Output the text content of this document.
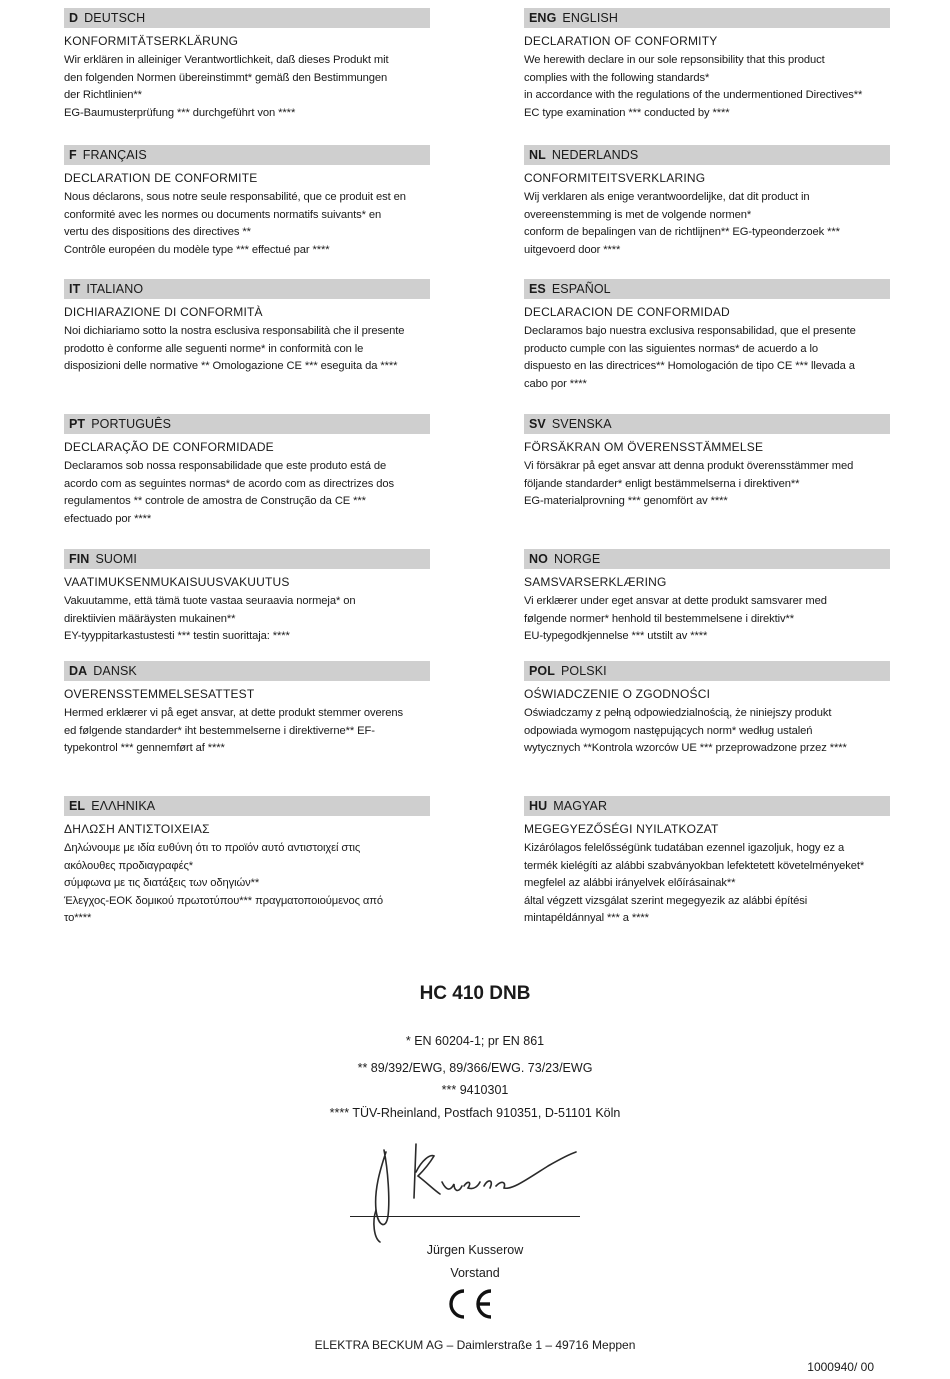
D DEUTSCH
KONFORMITÄTSERKLÄRUNG
Wir erklären in alleiniger Verantwortlichkeit, daß dieses Produkt mit
den folgenden Normen übereinstimmt* gemäß den Bestimmungen
der Richtlinien**
EG-Baumusterprüfung *** durchgeführt von ****
ENG ENGLISH
DECLARATION OF CONFORMITY
We herewith declare in our sole repsonsibility that this product
complies with the following standards*
in accordance with the regulations of the undermentioned Directives**
EC type examination *** conducted by ****
F FRANÇAIS
DECLARATION DE CONFORMITE
Nous déclarons, sous notre seule responsabilité, que ce produit est en
conformité avec les normes ou documents normatifs suivants* en
vertu des dispositions des directives **
Contrôle européen du modèle type *** effectué par ****
NL NEDERLANDS
CONFORMITEITSVERKLARING
Wij verklaren als enige verantwoordelijke, dat dit product in
overeenstemming is met de volgende normen*
conform de bepalingen van de richtlijnen** EG-typeonderzoek ***
uitgevoerd door ****
IT ITALIANO
DICHIARAZIONE DI CONFORMITÀ
Noi dichiariamo sotto la nostra esclusiva responsabilità che il presente
prodotto è conforme alle seguenti norme* in conformità con le
disposizioni delle normative ** Omologazione CE *** eseguita da ****
ES ESPAÑOL
DECLARACION DE CONFORMIDAD
Declaramos bajo nuestra exclusiva responsabilidad, que el presente
producto cumple con las siguientes normas* de acuerdo a lo
dispuesto en las directrices** Homologación de tipo CE *** llevada a
cabo por ****
PT PORTUGUÊS
DECLARAÇÃO DE CONFORMIDADE
Declaramos sob nossa responsabilidade que este produto está de
acordo com as seguintes normas* de acordo com as directrizes dos
regulamentos ** controle de amostra de Construção da CE ***
efectuado por ****
SV SVENSKA
FÖRSÄKRAN OM ÖVERENSSTÄMMELSE
Vi försäkrar på eget ansvar att denna produkt överensstämmer med
följande standarder* enligt bestämmelserna i direktiven**
EG-materialprovning *** genomfört av ****
FIN SUOMI
VAATIMUKSENMUKAISUUSVAKUUTUS
Vakuutamme, että tämä tuote vastaa seuraavia normeja* on
direktiivien määräysten mukainen**
EY-tyyppitarkastustesti *** testin suorittaja: ****
NO NORGE
SAMSVARSERKLÆRING
Vi erklærer under eget ansvar at dette produkt samsvarer med
følgende normer* henhold til bestemmelsene i direktiv**
EU-typegodkjennelse *** utstilt av ****
DA DANSK
OVERENSSTEMMELSESATTEST
Hermed erklærer vi på eget ansvar, at dette produkt stemmer overens
ed følgende standarder* iht bestemmelserne i direktiverne** EF-
typekontrol *** gennemført af ****
POL POLSKI
OŚWIADCZENIE O ZGODNOŚCI
Oświadczamy z pełną odpowiedzialnością, że niniejszy produkt
odpowiada wymogom następujących norm* według ustaleń
wytycznych **Kontrola wzorców UE *** przeprowadzone przez ****
EL ΕΛΛΗΝΙΚΑ
ΔΗΛΩΣΗ ΑΝΤΙΣΤΟΙΧΕΙΑΣ
Δηλώνουμε με ιδία ευθύνη ότι το προϊόν αυτό αντιστοιχεί στις
ακόλουθες προδιαγραφές*
σύμφωνα με τις διατάξεις των οδηγιών**
Έλεγχος-ΕΟΚ δομικού πρωτοτύπου*** πραγματοποιούμενος από
το****
HU MAGYAR
MEGEGYEZŐSÉGI NYILATKOZAT
Kizárólagos felelősségünk tudatában ezennel igazoljuk, hogy ez a
termék kielégíti az alábbi szabványokban lefektetett követelményeket*
megfelel az alábbi irányelvek előírásainak**
által végzett vizsgálat szerint megegyezik az alábbi építési
mintapéldánnyal *** a ****
HC 410 DNB
* EN 60204-1; pr EN 861
** 89/392/EWG, 89/366/EWG. 73/23/EWG
*** 9410301
**** TÜV-Rheinland, Postfach 910351, D-51101 Köln
Jürgen Kusserow
Vorstand
ELEKTRA BECKUM AG – Daimlerstraße 1 – 49716 Meppen
1000940/ 00
